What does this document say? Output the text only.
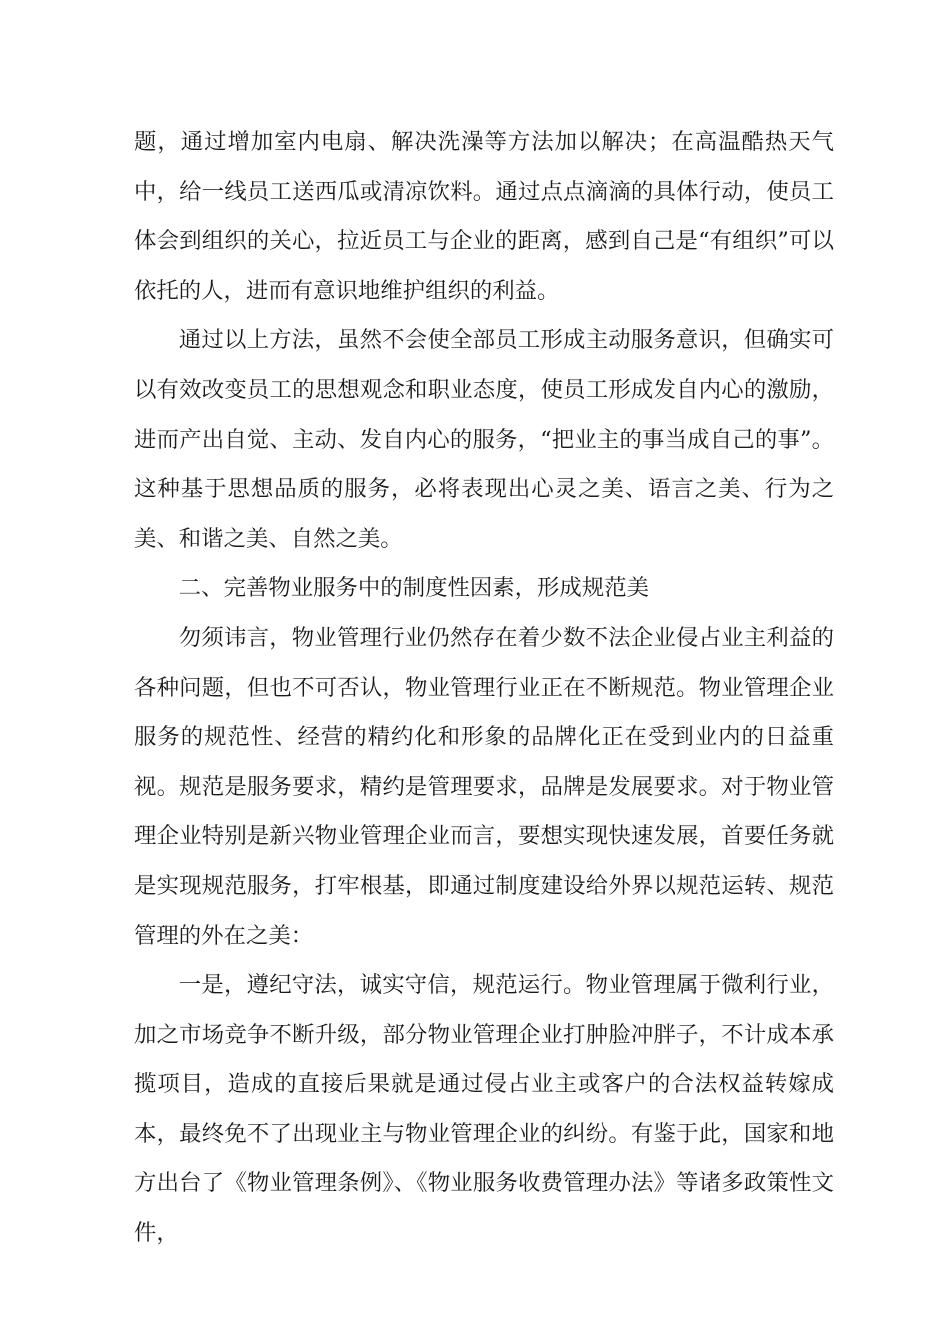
题，通过增加室内电扇、解决洗澡等方法加以解决；在高温酷热天气中，给一线员工送西瓜或清凉饮料。通过点点滴滴的具体行动，使员工体会到组织的关心，拉近员工与企业的距离，感到自己是“有组织”可以依托的人，进而有意识地维护组织的利益。

通过以上方法，虽然不会使全部员工形成主动服务意识，但确实可以有效改变员工的思想观念和职业态度，使员工形成发自内心的激励，进而产出自觉、主动、发自内心的服务，“把业主的事当成自己的事”。这种基于思想品质的服务，必将表现出心灵之美、语言之美、行为之美、和谐之美、自然之美。

二、完善物业服务中的制度性因素，形成规范美

勿须讳言，物业管理行业仍然存在着少数不法企业侵占业主利益的各种问题，但也不可否认，物业管理行业正在不断规范。物业管理企业服务的规范性、经营的精约化和形象的品牌化正在受到业内的日益重视。规范是服务要求，精约是管理要求，品牌是发展要求。对于物业管理企业特别是新兴物业管理企业而言，要想实现快速发展，首要任务就是实现规范服务，打牢根基，即通过制度建设给外界以规范运转、规范管理的外在之美：

一是，遵纪守法，诚实守信，规范运行。物业管理属于微利行业，加之市场竞争不断升级，部分物业管理企业打肿脸冲胖子，不计成本承揽项目，造成的直接后果就是通过侵占业主或客户的合法权益转嫁成本，最终免不了出现业主与物业管理企业的纠纷。有鉴于此，国家和地方出台了《物业管理条例》、《物业服务收费管理办法》等诸多政策性文件，
